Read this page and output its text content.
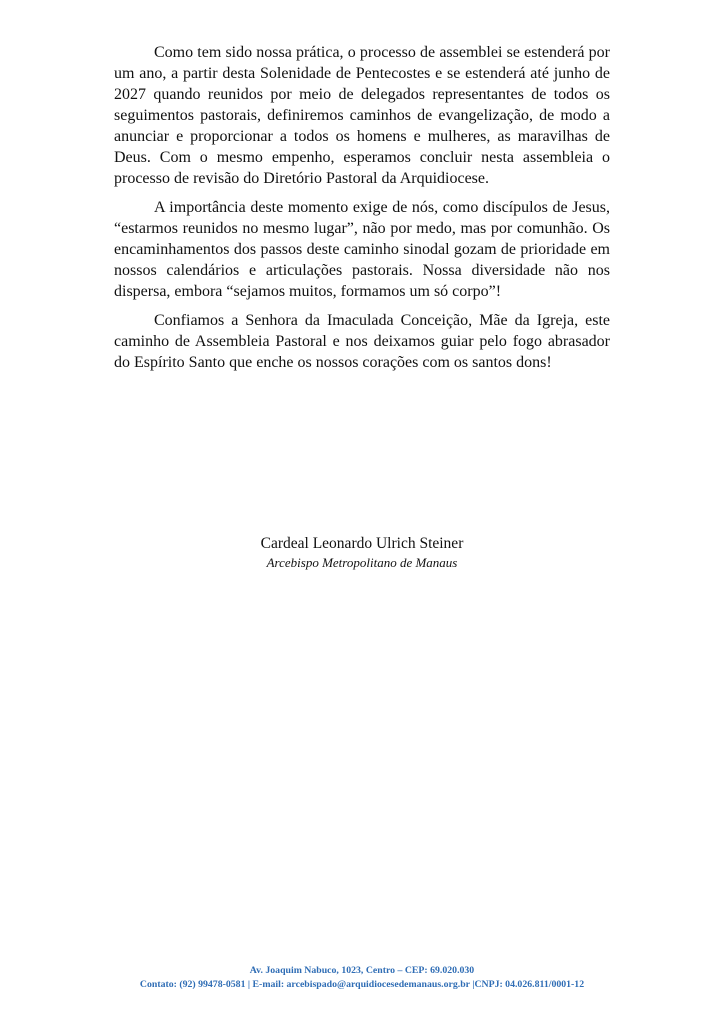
Como tem sido nossa prática, o processo de assemblei se estenderá por um ano, a partir desta Solenidade de Pentecostes e se estenderá até junho de 2027 quando reunidos por meio de delegados representantes de todos os seguimentos pastorais, definiremos caminhos de evangelização, de modo a anunciar e proporcionar a todos os homens e mulheres, as maravilhas de Deus. Com o mesmo empenho, esperamos concluir nesta assembleia o processo de revisão do Diretório Pastoral da Arquidiocese.

A importância deste momento exige de nós, como discípulos de Jesus, “estarmos reunidos no mesmo lugar”, não por medo, mas por comunhão. Os encaminhamentos dos passos deste caminho sinodal gozam de prioridade em nossos calendários e articulações pastorais. Nossa diversidade não nos dispersa, embora “sejamos muitos, formamos um só corpo”!

Confiamos a Senhora da Imaculada Conceição, Mãe da Igreja, este caminho de Assembleia Pastoral e nos deixamos guiar pelo fogo abrasador do Espírito Santo que enche os nossos corações com os santos dons!

Cardeal Leonardo Ulrich Steiner
Arcebispo Metropolitano de Manaus
Av. Joaquim Nabuco, 1023, Centro – CEP: 69.020.030
Contato: (92) 99478-0581 | E-mail: arcebispado@arquidiocesedemanaus.org.br |CNPJ: 04.026.811/0001-12
